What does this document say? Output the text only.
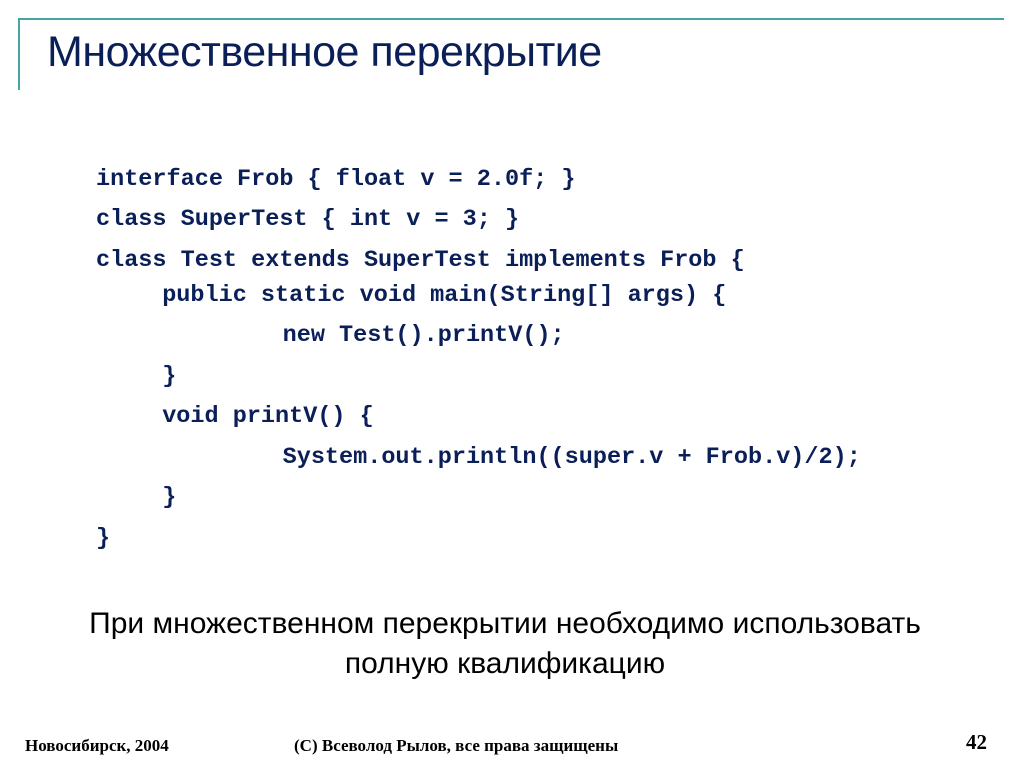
Множественное перекрытие
interface Frob { float v = 2.0f; }
class SuperTest { int v = 3; }
class Test extends SuperTest implements Frob {
public static void main(String[] args) {
new Test().printV();
}
void printV() {
System.out.println((super.v + Frob.v)/2);
}
}
При множественном перекрытии необходимо использовать
полную квалификацию
Новосибирск, 2004	(C) Всеволод Рылов, все права защищены	42
